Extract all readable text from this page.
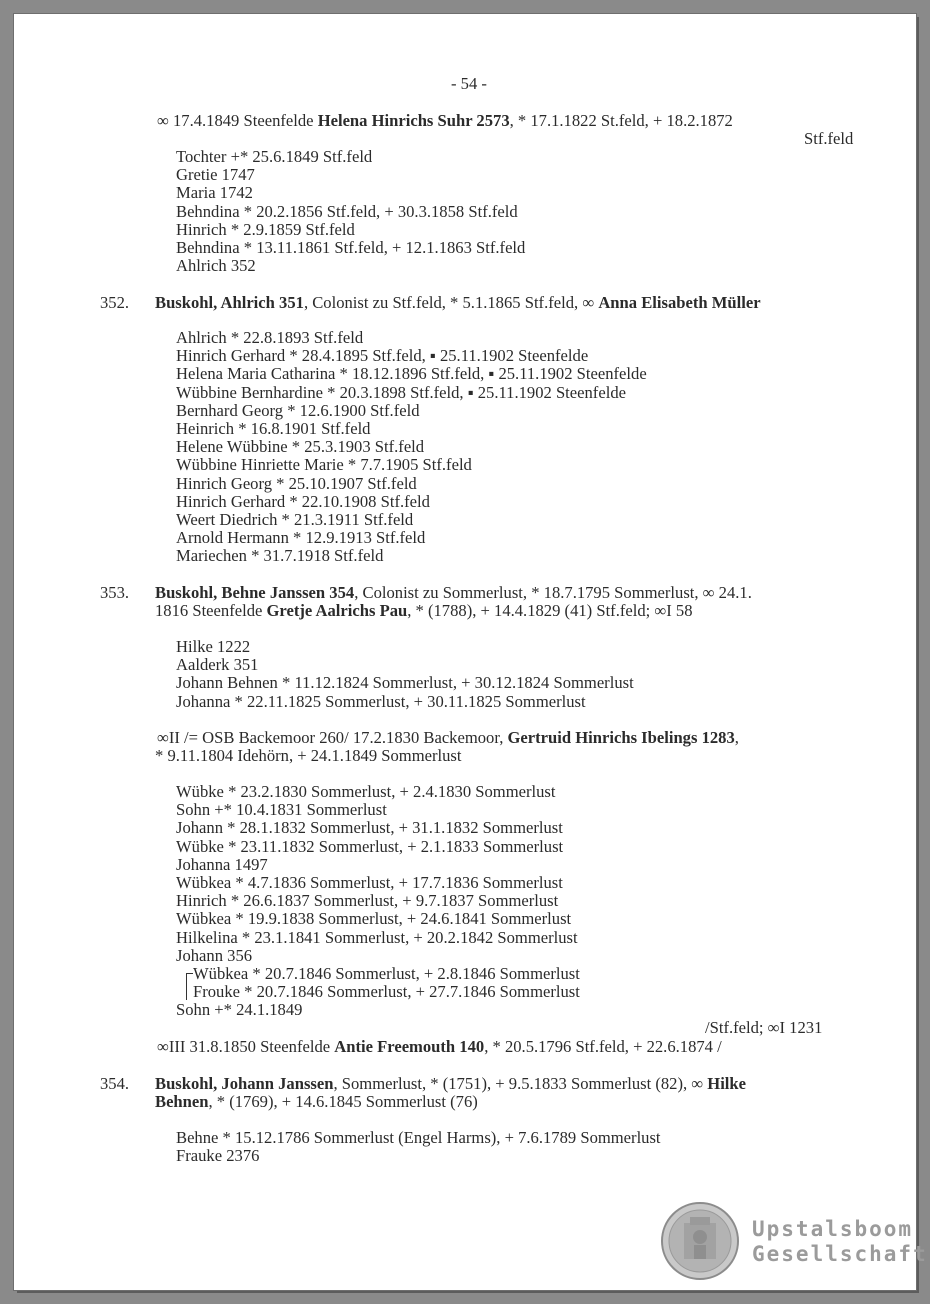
- 54 -
∞ 17.4.1849 Steenfelde Helena Hinrichs Suhr 2573, * 17.1.1822 St.feld, + 18.2.1872
Stf.feld
Tochter +* 25.6.1849 Stf.feld
Gretie 1747
Maria 1742
Behndina * 20.2.1856 Stf.feld, + 30.3.1858 Stf.feld
Hinrich * 2.9.1859 Stf.feld
Behndina * 13.11.1861 Stf.feld, + 12.1.1863 Stf.feld
Ahlrich 352
352. Buskohl, Ahlrich 351, Colonist zu Stf.feld, * 5.1.1865 Stf.feld, ∞ Anna Elisabeth Müller
Ahlrich * 22.8.1893 Stf.feld
Hinrich Gerhard * 28.4.1895 Stf.feld, ▪ 25.11.1902 Steenfelde
Helena Maria Catharina * 18.12.1896 Stf.feld, ▪ 25.11.1902 Steenfelde
Wübbine Bernhardine * 20.3.1898 Stf.feld, ▪ 25.11.1902 Steenfelde
Bernhard Georg * 12.6.1900 Stf.feld
Heinrich * 16.8.1901 Stf.feld
Helene Wübbine * 25.3.1903 Stf.feld
Wübbine Hinriette Marie * 7.7.1905 Stf.feld
Hinrich Georg * 25.10.1907 Stf.feld
Hinrich Gerhard * 22.10.1908 Stf.feld
Weert Diedrich * 21.3.1911 Stf.feld
Arnold Hermann * 12.9.1913 Stf.feld
Mariechen * 31.7.1918 Stf.feld
353. Buskohl, Behne Janssen 354, Colonist zu Sommerlust, * 18.7.1795 Sommerlust, ∞ 24.1.
1816 Steenfelde Gretje Aalrichs Pau, * (1788), + 14.4.1829 (41) Stf.feld; ∞I 58
Hilke 1222
Aalderk 351
Johann Behnen * 11.12.1824 Sommerlust, + 30.12.1824 Sommerlust
Johanna * 22.11.1825 Sommerlust, + 30.11.1825 Sommerlust
∞II /= OSB Backemoor 260/ 17.2.1830 Backemoor, Gertruid Hinrichs Ibelings 1283,
* 9.11.1804 Idehörn, + 24.1.1849 Sommerlust
Wübke * 23.2.1830 Sommerlust, + 2.4.1830 Sommerlust
Sohn +* 10.4.1831 Sommerlust
Johann * 28.1.1832 Sommerlust, + 31.1.1832 Sommerlust
Wübke * 23.11.1832 Sommerlust, + 2.1.1833 Sommerlust
Johanna 1497
Wübkea * 4.7.1836 Sommerlust, + 17.7.1836 Sommerlust
Hinrich * 26.6.1837 Sommerlust, + 9.7.1837 Sommerlust
Wübkea * 19.9.1838 Sommerlust, + 24.6.1841 Sommerlust
Hilkelina * 23.1.1841 Sommerlust, + 20.2.1842 Sommerlust
Johann 356
Wübkea * 20.7.1846 Sommerlust, + 2.8.1846 Sommerlust
Frouke * 20.7.1846 Sommerlust, + 27.7.1846 Sommerlust
Sohn +* 24.1.1849
/Stf.feld; ∞I 1231
∞III 31.8.1850 Steenfelde Antie Freemouth 140, * 20.5.1796 Stf.feld, + 22.6.1874 /
354. Buskohl, Johann Janssen, Sommerlust, * (1751), + 9.5.1833 Sommerlust (82), ∞ Hilke
Behnen, * (1769), + 14.6.1845 Sommerlust (76)
Behne * 15.12.1786 Sommerlust (Engel Harms), + 7.6.1789 Sommerlust
Frauke 2376
Upstalsboom
Gesellschaft
